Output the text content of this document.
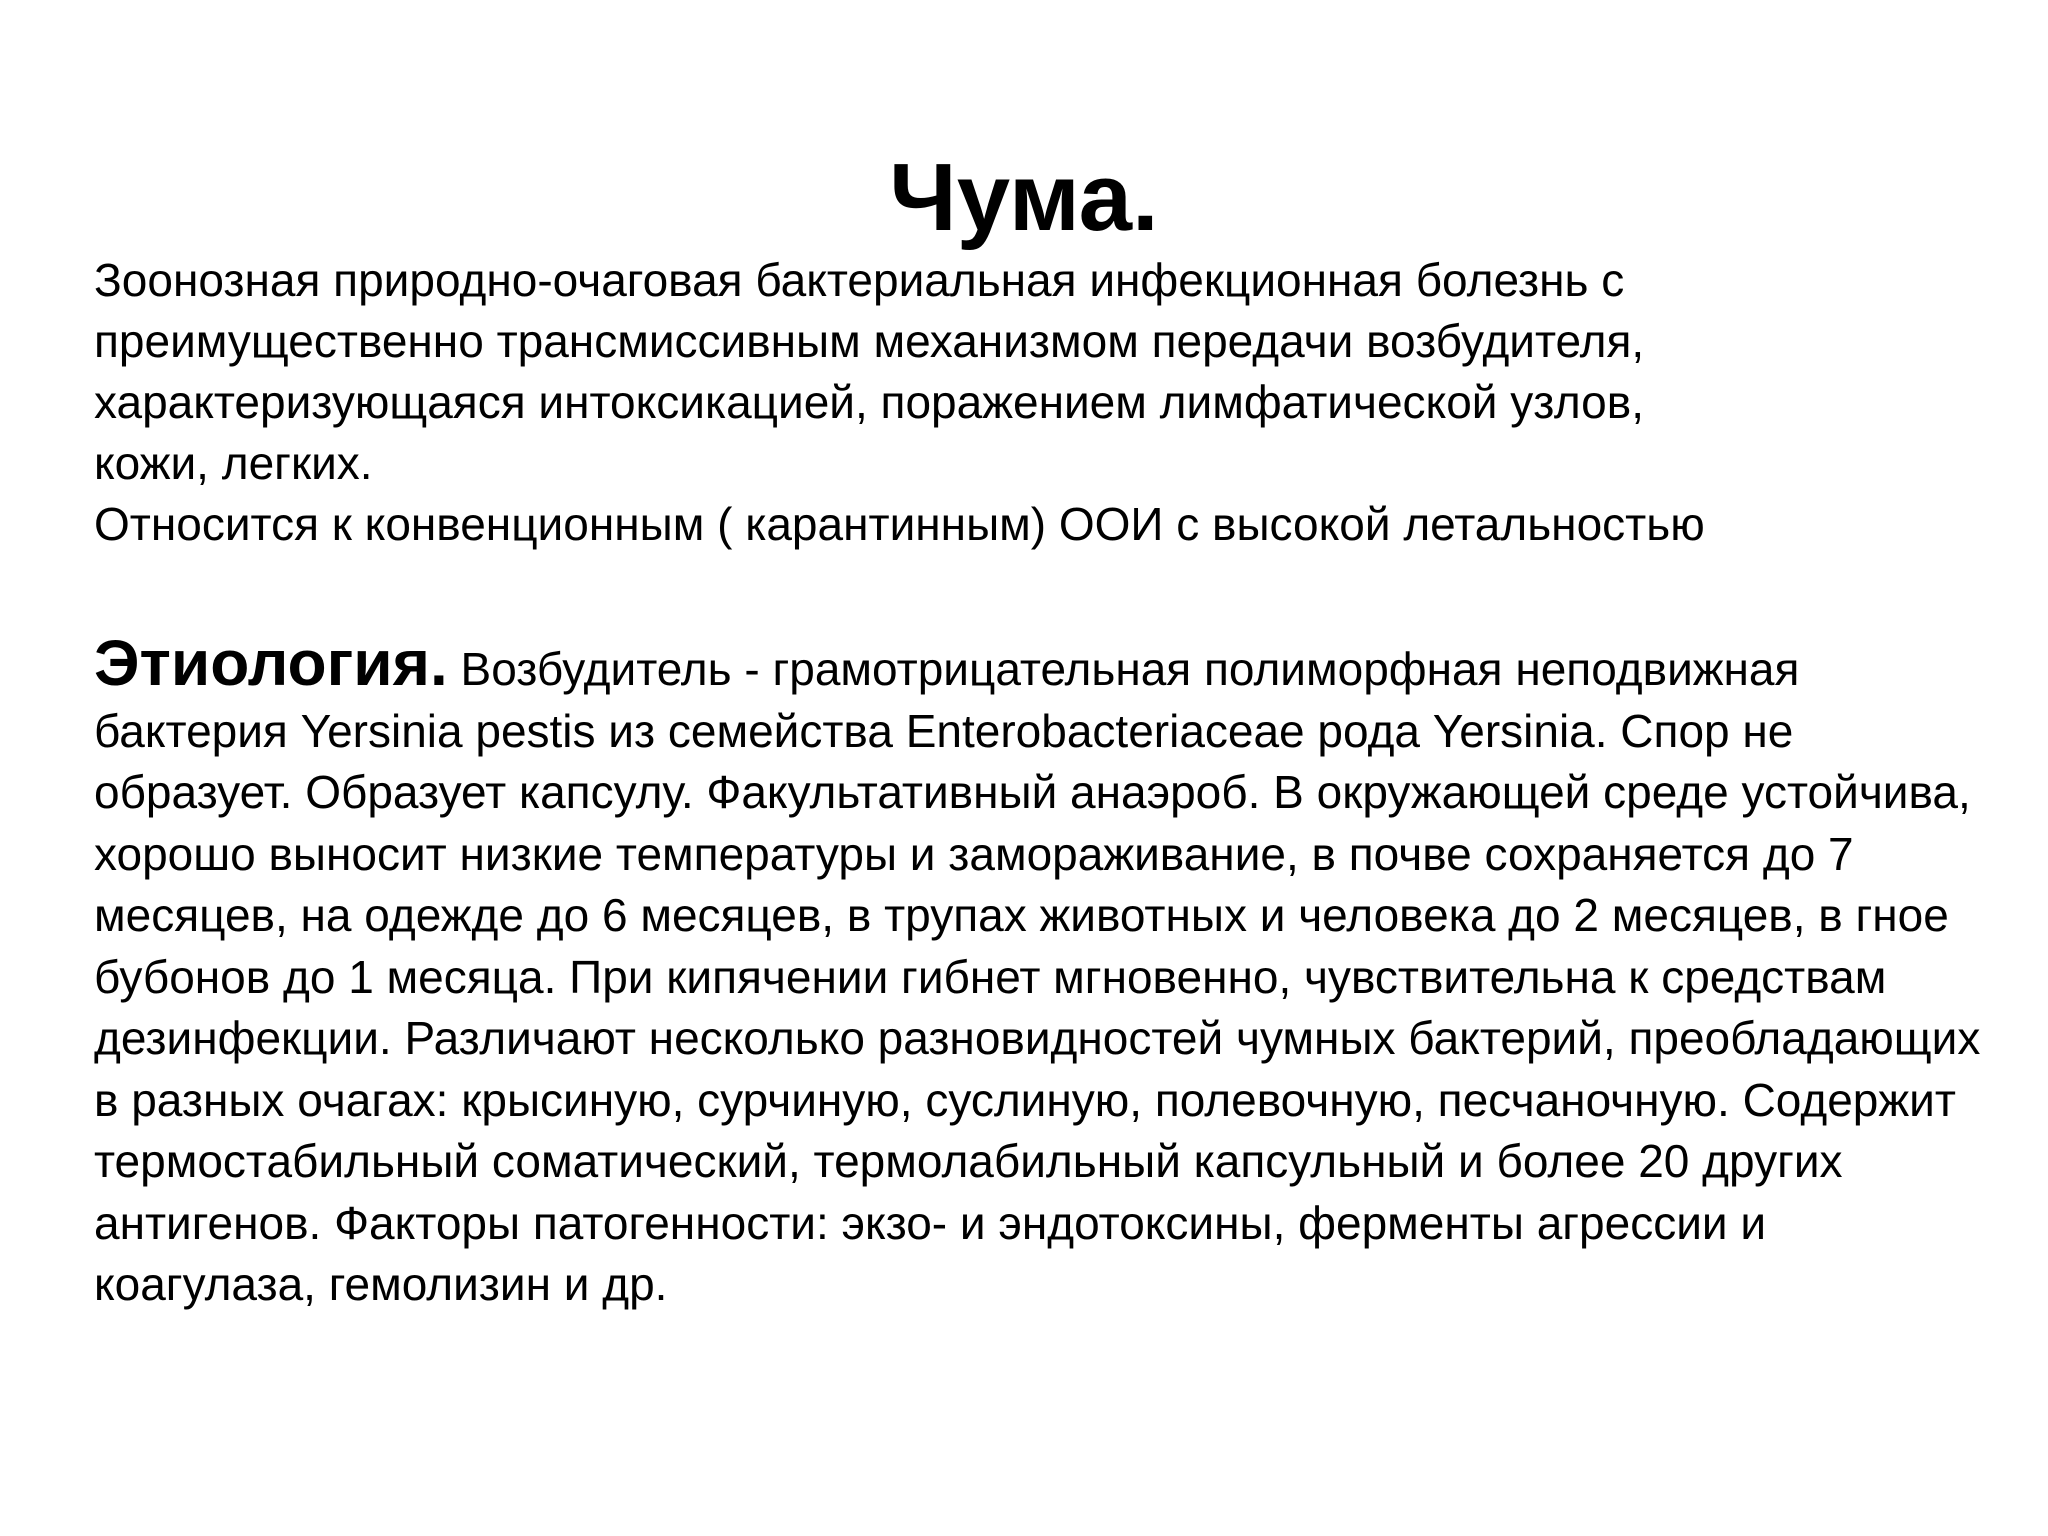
Чума.

Зоонозная природно-очаговая бактериальная инфекционная болезнь с

преимущественно трансмиссивным механизмом передачи возбудителя,

характеризующаяся интоксикацией, поражением лимфатической узлов,

кожи, легких.

Относится к конвенционным ( карантинным) ООИ с высокой летальностью

Этиология. Возбудитель - грамотрицательная полиморфная неподвижная бактерия Yersinia pestis из семейства Enterobacteriaceae рода Yersinia. Спор не образует. Образует капсулу. Факультативный анаэроб. В окружающей среде устойчива, хорошо выносит низкие температуры и замораживание, в почве сохраняется до 7 месяцев, на одежде до 6 месяцев, в трупах животных и человека до 2 месяцев, в гное бубонов до 1 месяца. При кипячении гибнет мгновенно, чувствительна к средствам дезинфекции. Различают несколько разновидностей чумных бактерий, преобладающих в разных очагах: крысиную, сурчиную, суслиную, полевочную, песчаночную. Содержит термостабильный соматический, термолабильный капсульный и более 20 других антигенов. Факторы патогенности: экзо- и эндотоксины, ферменты агрессии и коагулаза, гемолизин и др.
